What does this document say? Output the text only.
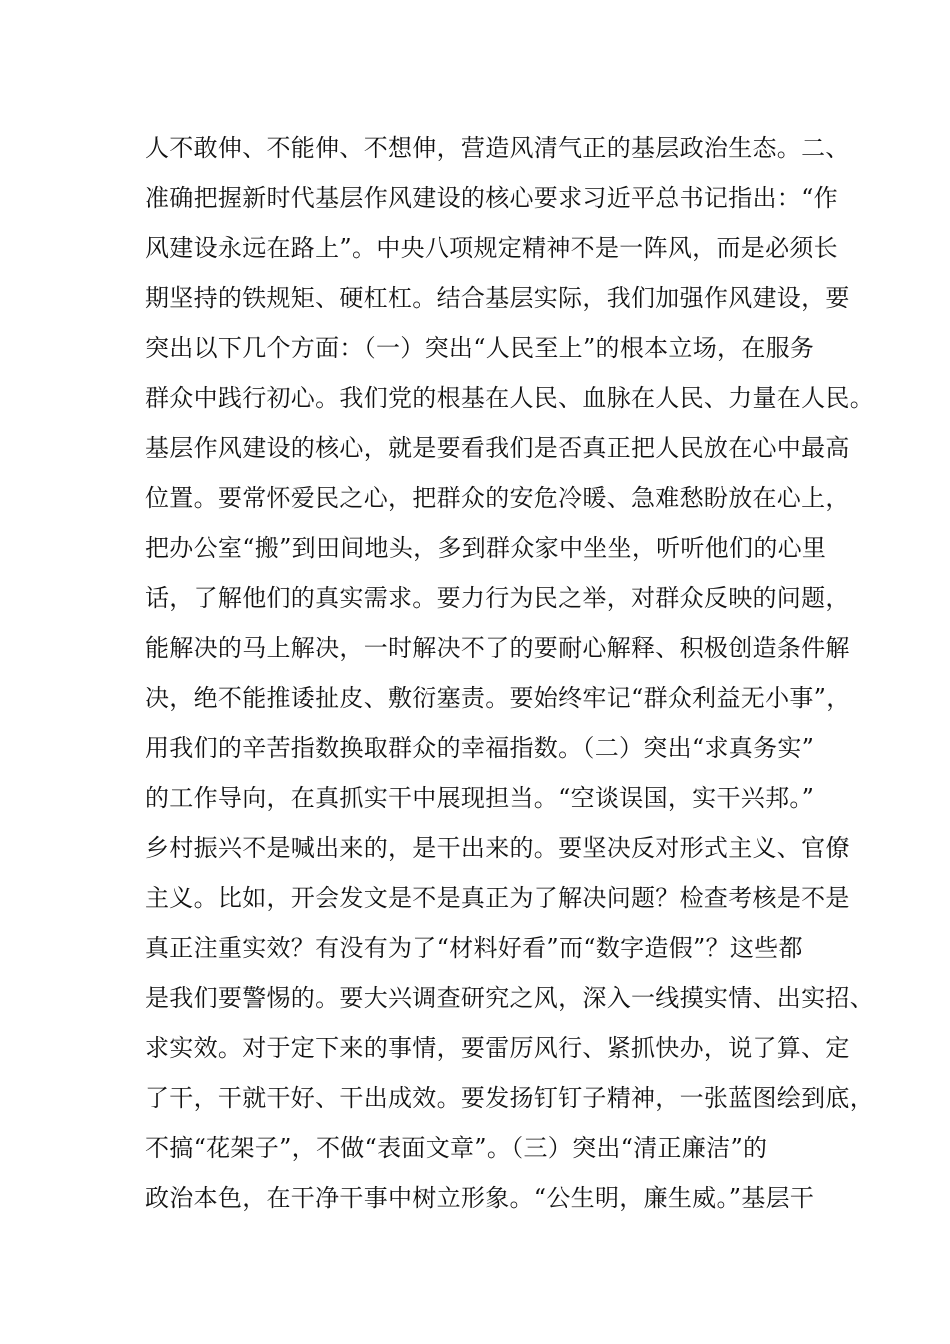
人不敢伸、不能伸、不想伸，营造风清气正的基层政治生态。二、
准确把握新时代基层作风建设的核心要求习近平总书记指出：“作
风建设永远在路上”。中央八项规定精神不是一阵风，而是必须长
期坚持的铁规矩、硬杠杠。结合基层实际，我们加强作风建设，要
突出以下几个方面：（一）突出“人民至上”的根本立场，在服务
群众中践行初心。我们党的根基在人民、血脉在人民、力量在人民。
基层作风建设的核心，就是要看我们是否真正把人民放在心中最高
位置。要常怀爱民之心，把群众的安危冷暖、急难愁盼放在心上，
把办公室“搬”到田间地头，多到群众家中坐坐，听听他们的心里
话，了解他们的真实需求。要力行为民之举，对群众反映的问题，
能解决的马上解决，一时解决不了的要耐心解释、积极创造条件解
决，绝不能推诿扯皮、敷衍塞责。要始终牢记“群众利益无小事”，
用我们的辛苦指数换取群众的幸福指数。（二）突出“求真务实”
的工作导向，在真抓实干中展现担当。“空谈误国，实干兴邦。”
乡村振兴不是喊出来的，是干出来的。要坚决反对形式主义、官僚
主义。比如，开会发文是不是真正为了解决问题？检查考核是不是
真正注重实效？有没有为了“材料好看”而“数字造假”？这些都
是我们要警惕的。要大兴调查研究之风，深入一线摸实情、出实招、
求实效。对于定下来的事情，要雷厉风行、紧抓快办，说了算、定
了干，干就干好、干出成效。要发扬钉钉子精神，一张蓝图绘到底，
不搞“花架子”，不做“表面文章”。（三）突出“清正廉洁”的
政治本色，在干净干事中树立形象。“公生明，廉生威。”基层干
